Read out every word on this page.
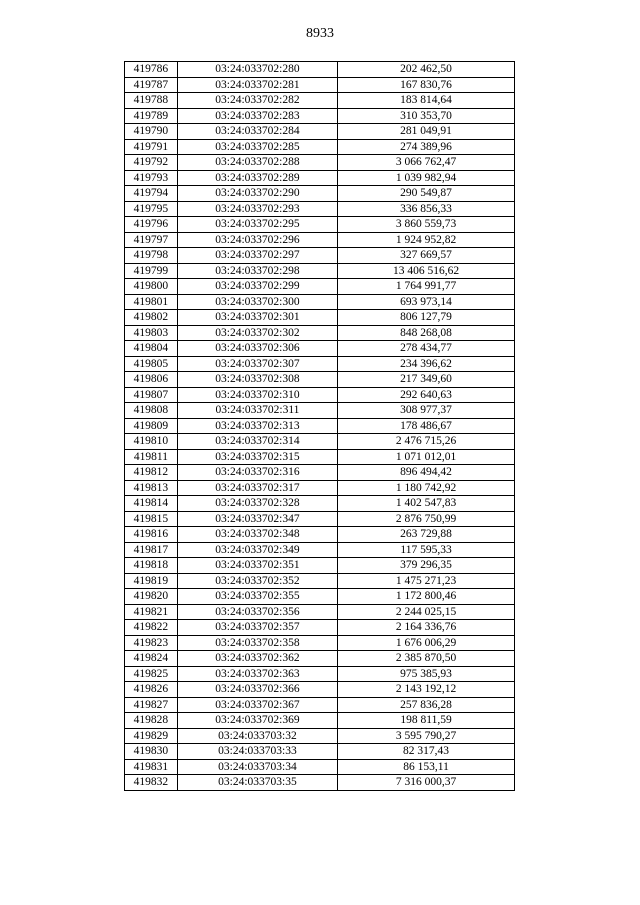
8933
419786	03:24:033702:280	202 462,50
419787	03:24:033702:281	167 830,76
419788	03:24:033702:282	183 814,64
419789	03:24:033702:283	310 353,70
419790	03:24:033702:284	281 049,91
419791	03:24:033702:285	274 389,96
419792	03:24:033702:288	3 066 762,47
419793	03:24:033702:289	1 039 982,94
419794	03:24:033702:290	290 549,87
419795	03:24:033702:293	336 856,33
419796	03:24:033702:295	3 860 559,73
419797	03:24:033702:296	1 924 952,82
419798	03:24:033702:297	327 669,57
419799	03:24:033702:298	13 406 516,62
419800	03:24:033702:299	1 764 991,77
419801	03:24:033702:300	693 973,14
419802	03:24:033702:301	806 127,79
419803	03:24:033702:302	848 268,08
419804	03:24:033702:306	278 434,77
419805	03:24:033702:307	234 396,62
419806	03:24:033702:308	217 349,60
419807	03:24:033702:310	292 640,63
419808	03:24:033702:311	308 977,37
419809	03:24:033702:313	178 486,67
419810	03:24:033702:314	2 476 715,26
419811	03:24:033702:315	1 071 012,01
419812	03:24:033702:316	896 494,42
419813	03:24:033702:317	1 180 742,92
419814	03:24:033702:328	1 402 547,83
419815	03:24:033702:347	2 876 750,99
419816	03:24:033702:348	263 729,88
419817	03:24:033702:349	117 595,33
419818	03:24:033702:351	379 296,35
419819	03:24:033702:352	1 475 271,23
419820	03:24:033702:355	1 172 800,46
419821	03:24:033702:356	2 244 025,15
419822	03:24:033702:357	2 164 336,76
419823	03:24:033702:358	1 676 006,29
419824	03:24:033702:362	2 385 870,50
419825	03:24:033702:363	975 385,93
419826	03:24:033702:366	2 143 192,12
419827	03:24:033702:367	257 836,28
419828	03:24:033702:369	198 811,59
419829	03:24:033703:32	3 595 790,27
419830	03:24:033703:33	82 317,43
419831	03:24:033703:34	86 153,11
419832	03:24:033703:35	7 316 000,37
